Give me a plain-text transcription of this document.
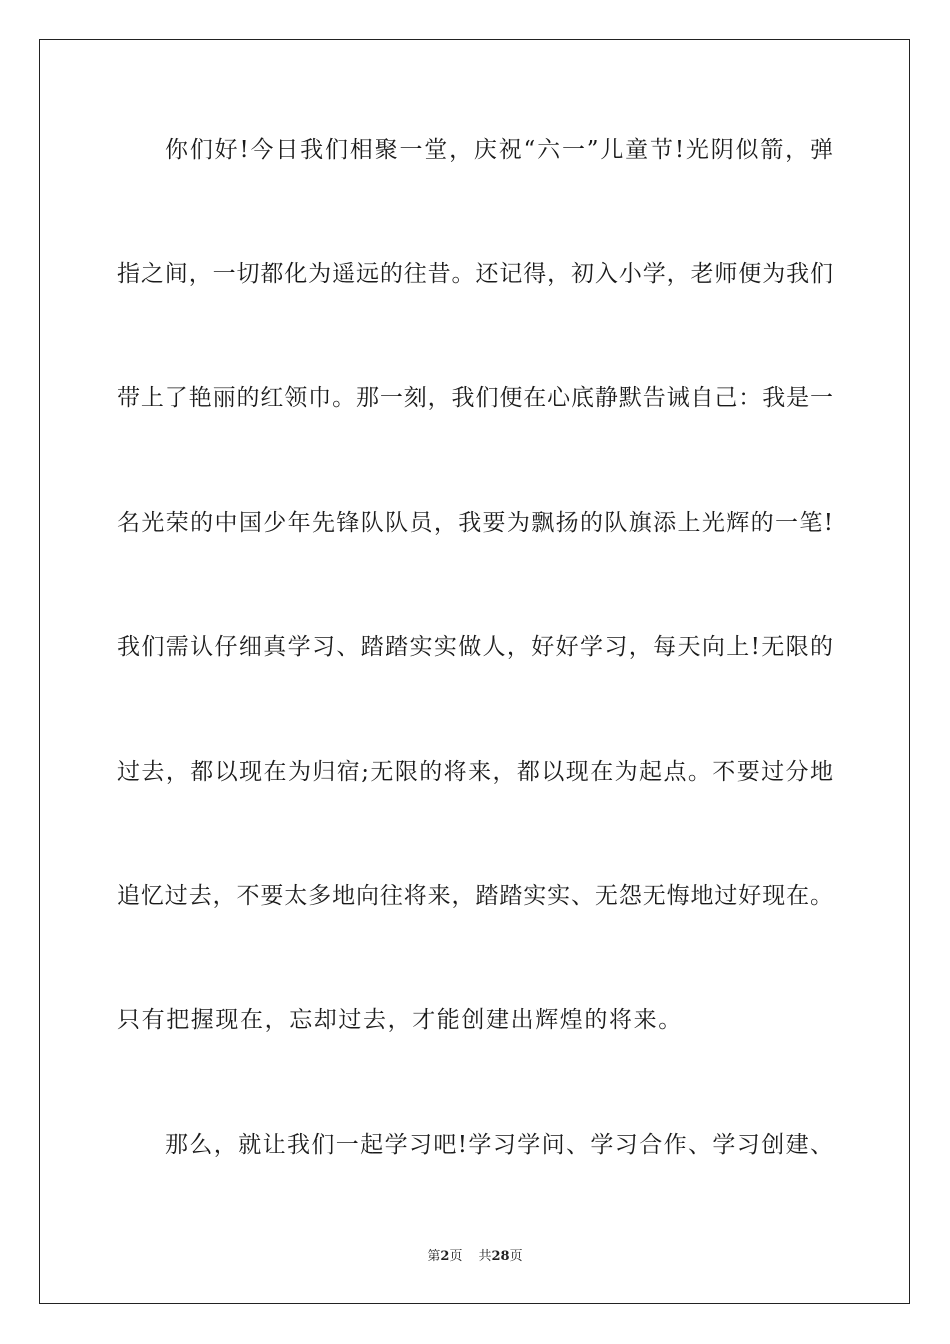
你们好!今日我们相聚一堂，庆祝“六一”儿童节!光阴似箭，弹
指之间，一切都化为遥远的往昔。还记得，初入小学，老师便为我们
带上了艳丽的红领巾。那一刻，我们便在心底静默告诫自己：我是一
名光荣的中国少年先锋队队员，我要为飘扬的队旗添上光辉的一笔!
我们需认仔细真学习、踏踏实实做人，好好学习，每天向上!无限的
过去，都以现在为归宿;无限的将来，都以现在为起点。不要过分地
追忆过去，不要太多地向往将来，踏踏实实、无怨无悔地过好现在。
只有把握现在，忘却过去，才能创建出辉煌的将来。
那么，就让我们一起学习吧!学习学问、学习合作、学习创建、
第2页 共28页
